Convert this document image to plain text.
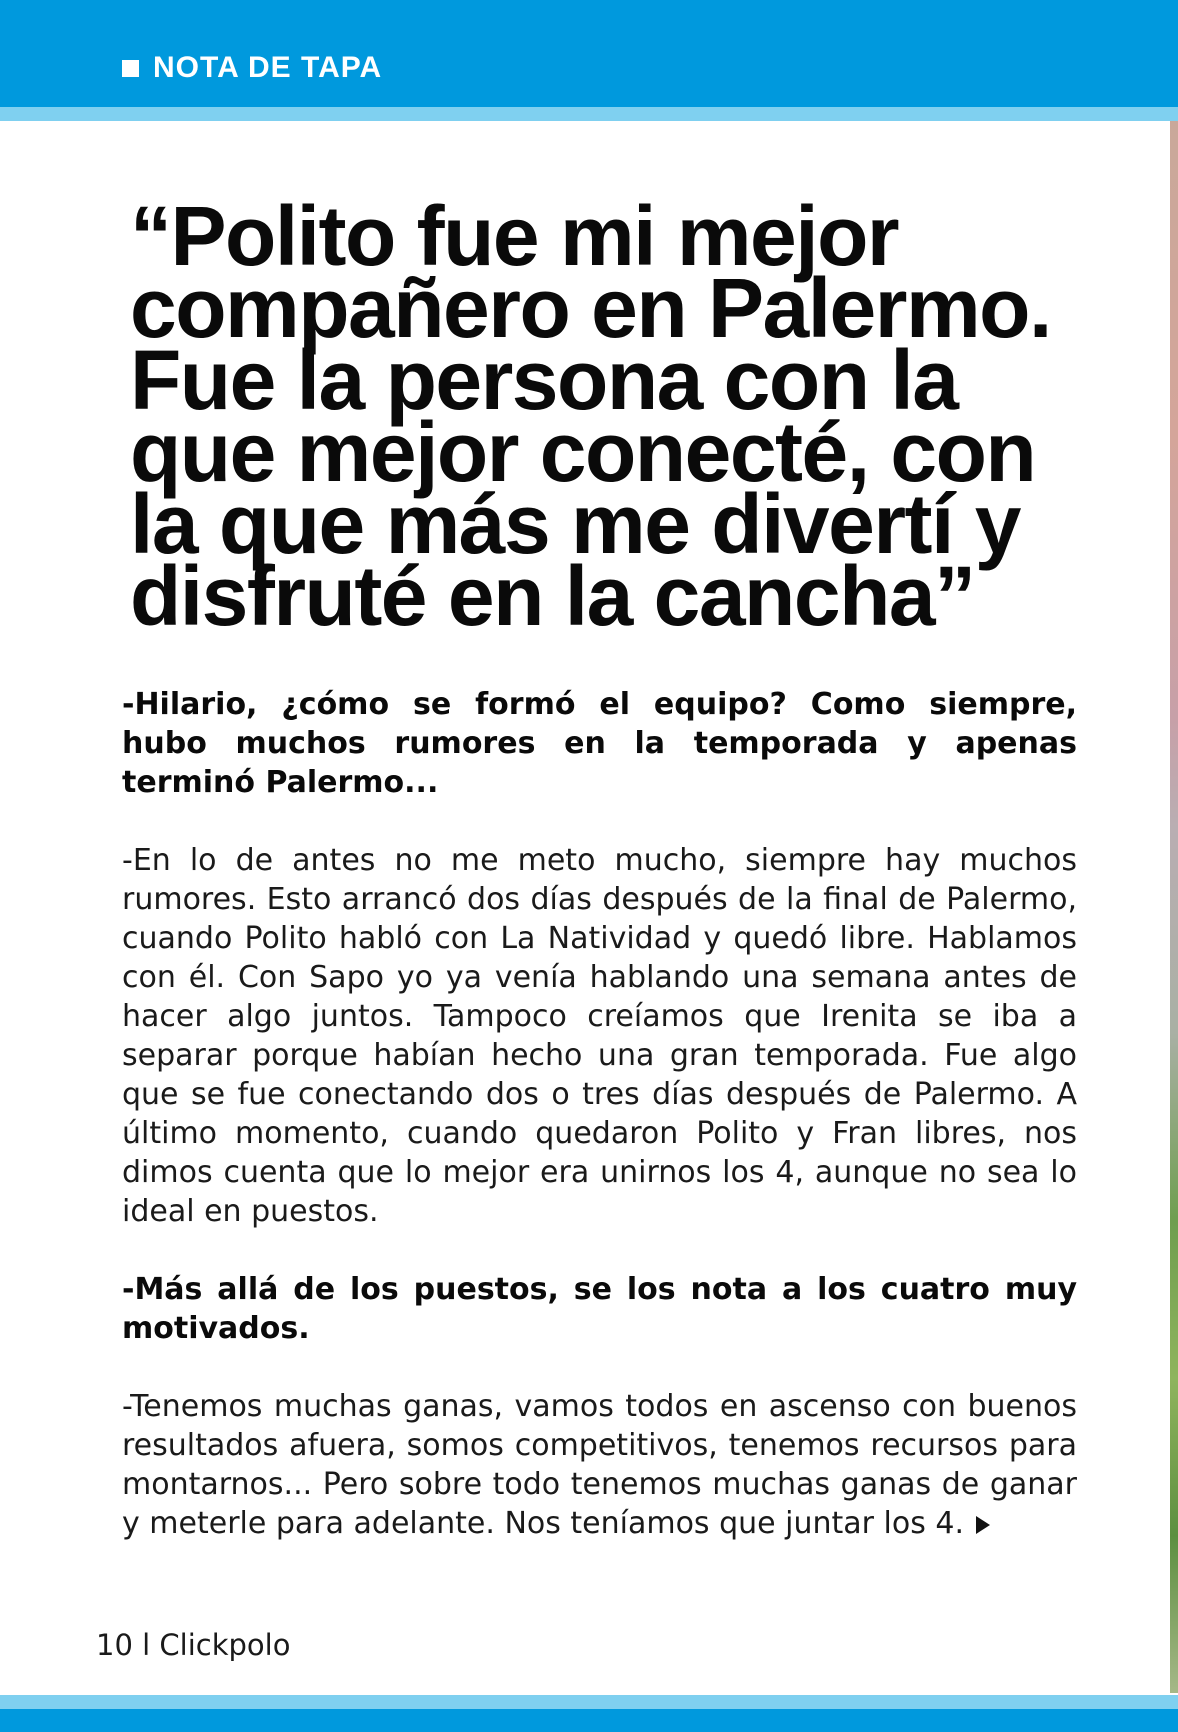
NOTA DE TAPA
“Polito fue mi mejor compañero en Palermo. Fue la persona con la que mejor conecté, con la que más me divertí y disfruté en la cancha”

-Hilario, ¿cómo se formó el equipo? Como siempre, hubo muchos rumores en la temporada y apenas terminó Palermo...

-En lo de antes no me meto mucho, siempre hay muchos rumores. Esto arrancó dos días después de la final de Palermo, cuando Polito habló con La Natividad y quedó libre. Hablamos con él. Con Sapo yo ya venía hablando una semana antes de hacer algo juntos. Tampoco creíamos que Irenita se iba a separar porque habían hecho una gran temporada. Fue algo que se fue conectando dos o tres días después de Palermo. A último momento, cuando quedaron Polito y Fran libres, nos dimos cuenta que lo mejor era unirnos los 4, aunque no sea lo ideal en puestos.

-Más allá de los puestos, se los nota a los cuatro muy motivados.

-Tenemos muchas ganas, vamos todos en ascenso con buenos resultados afuera, somos competitivos, tenemos recursos para montarnos... Pero sobre todo tenemos muchas ganas de ganar y meterle para adelante. Nos teníamos que juntar los 4.

10 l Clickpolo
